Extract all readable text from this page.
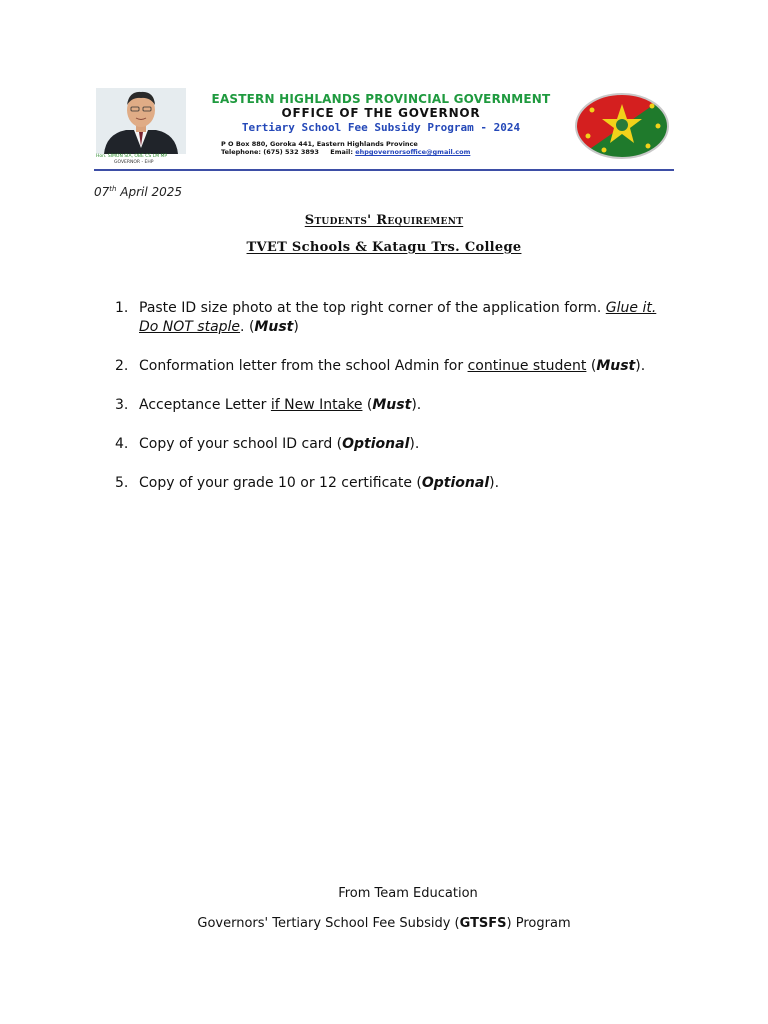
Hon. SIMON SIA, OBE CS LM MP
GOVERNOR - EHP
EASTERN HIGHLANDS PROVINCIAL GOVERNMENT
OFFICE OF THE GOVERNOR
Tertiary School Fee Subsidy Program - 2024
P O Box 880, Goroka 441, Eastern Highlands Province
Telephone: (675) 532 3893 Email: ehpgovernorsoffice@gmail.com
07th April 2025
Students' Requirement
TVET Schools & Katagu Trs. College
1. Paste ID size photo at the top right corner of the application form. Glue it. Do NOT staple. (Must)
2. Conformation letter from the school Admin for continue student (Must).
3. Acceptance Letter if New Intake (Must).
4. Copy of your school ID card (Optional).
5. Copy of your grade 10 or 12 certificate (Optional).
From Team Education
Governors' Tertiary School Fee Subsidy (GTSFS) Program
